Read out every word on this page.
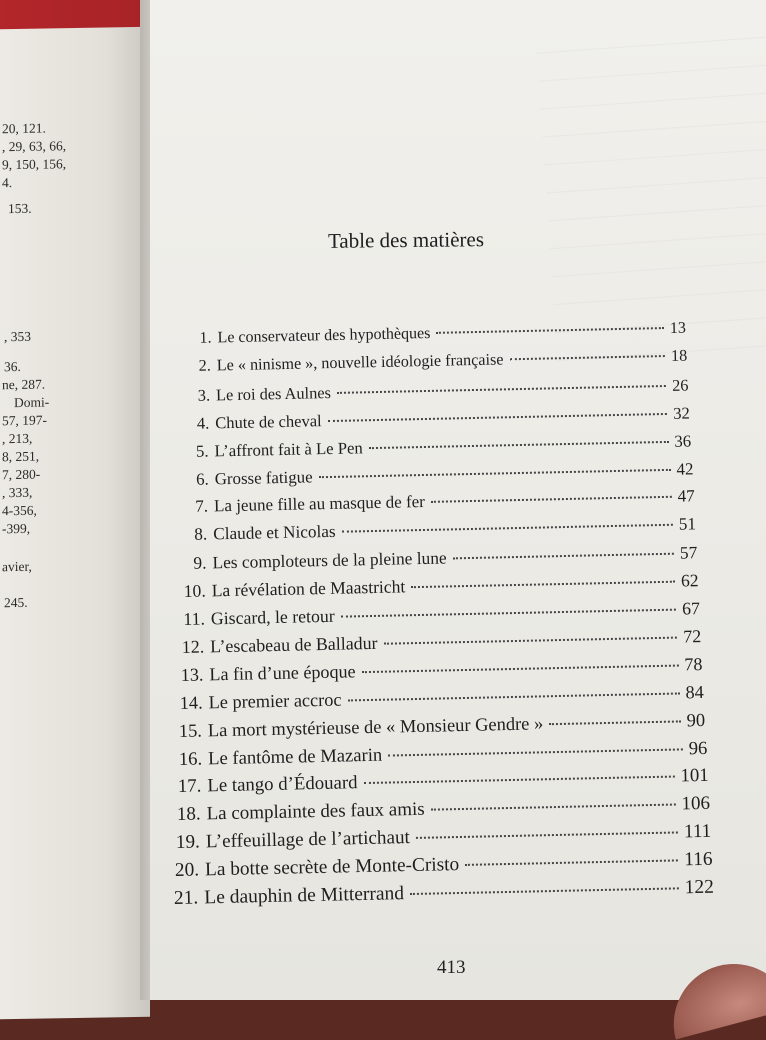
20, 121.
, 29, 63, 66,
9, 150, 156,
4.
153.
, 353
36.
ne, 287.
Domi-
57, 197-
, 213,
8, 251,
7, 280-
, 333,
4-356,
-399,
avier,
245.
Table des matières
1. Le conservateur des hypothèques	13
2. Le « ninisme », nouvelle idéologie française	18
3. Le roi des Aulnes	26
4. Chute de cheval	32
5. L’affront fait à Le Pen	36
6. Grosse fatigue	42
7. La jeune fille au masque de fer	47
8. Claude et Nicolas	51
9. Les comploteurs de la pleine lune	57
10. La révélation de Maastricht	62
11. Giscard, le retour	67
12. L’escabeau de Balladur	72
13. La fin d’une époque	78
14. Le premier accroc	84
15. La mort mystérieuse de « Monsieur Gendre »	90
16. Le fantôme de Mazarin	96
17. Le tango d’Édouard	101
18. La complainte des faux amis	106
19. L’effeuillage de l’artichaut	111
20. La botte secrète de Monte-Cristo	116
21. Le dauphin de Mitterrand	122
413
